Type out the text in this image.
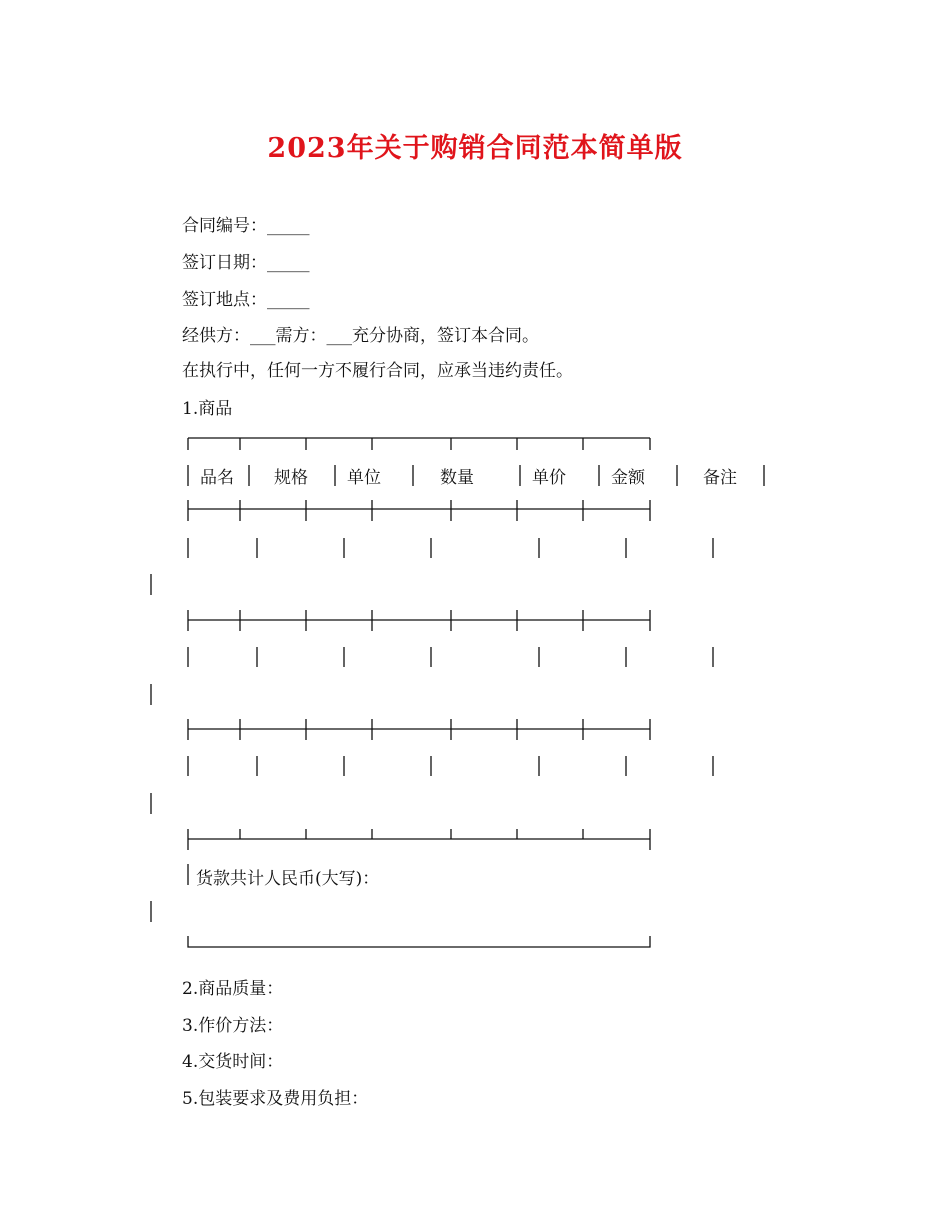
2023年关于购销合同范本简单版
合同编号：_____
签订日期：_____
签订地点：_____
经供方：___需方：___充分协商，签订本合同。
在执行中，任何一方不履行合同，应承当违约责任。
1.商品
品名 规格 单位	数量	单价	金额	备注
货款共计人民币(大写)：
2.商品质量：
3.作价方法：
4.交货时间：
5.包装要求及费用负担：
